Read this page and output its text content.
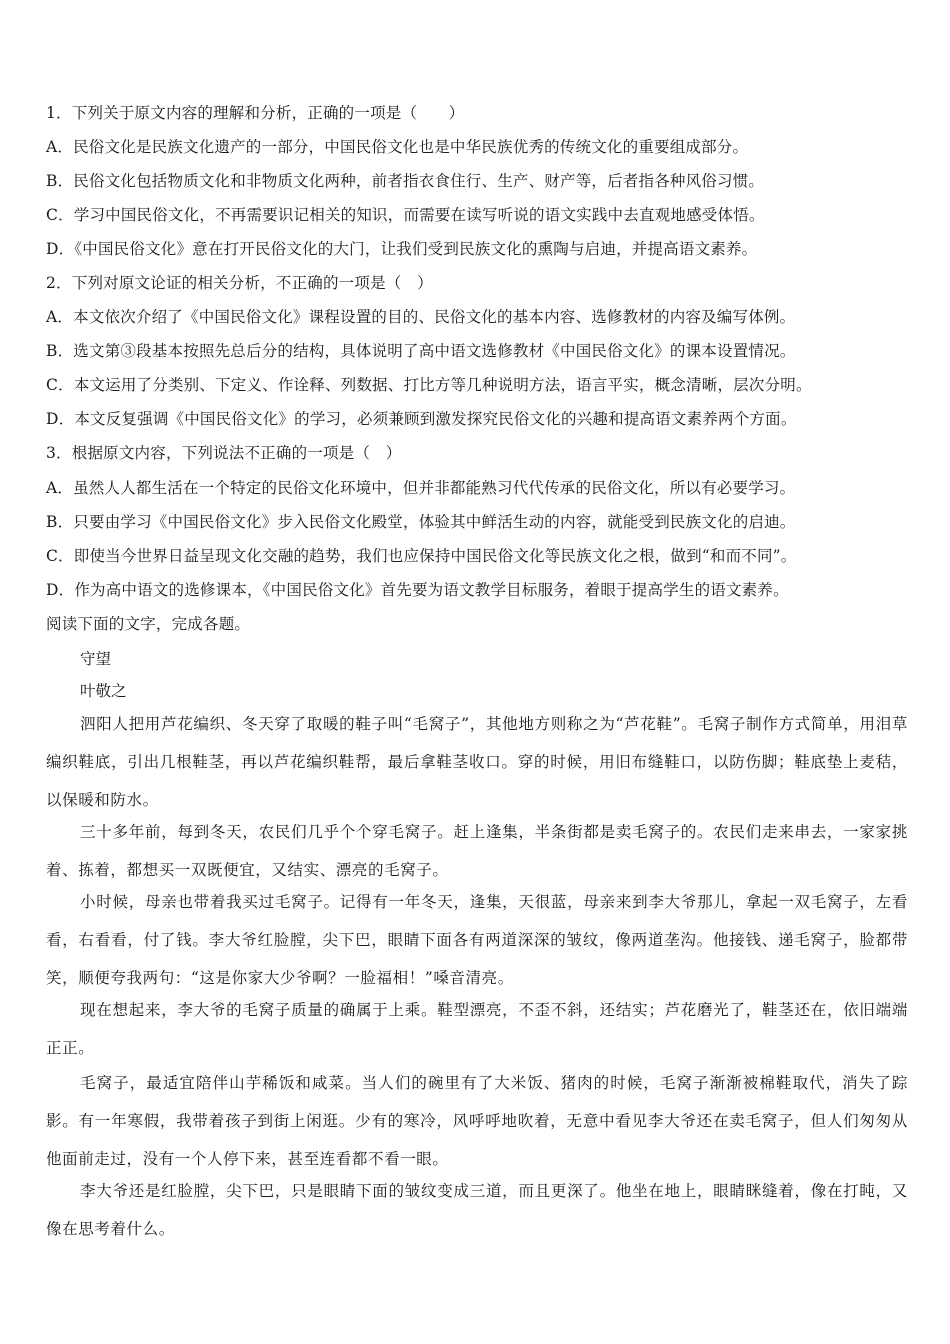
1．下列关于原文内容的理解和分析，正确的一项是（　　）
A．民俗文化是民族文化遗产的一部分，中国民俗文化也是中华民族优秀的传统文化的重要组成部分。
B．民俗文化包括物质文化和非物质文化两种，前者指衣食住行、生产、财产等，后者指各种风俗习惯。
C．学习中国民俗文化，不再需要识记相关的知识，而需要在读写听说的语文实践中去直观地感受体悟。
D．《中国民俗文化》意在打开民俗文化的大门，让我们受到民族文化的熏陶与启迪，并提高语文素养。
2．下列对原文论证的相关分析，不正确的一项是（　）
A．本文依次介绍了《中国民俗文化》课程设置的目的、民俗文化的基本内容、选修教材的内容及编写体例。
B．选文第③段基本按照先总后分的结构，具体说明了高中语文选修教材《中国民俗文化》的课本设置情况。
C．本文运用了分类别、下定义、作诠释、列数据、打比方等几种说明方法，语言平实，概念清晰，层次分明。
D．本文反复强调《中国民俗文化》的学习，必须兼顾到激发探究民俗文化的兴趣和提高语文素养两个方面。
3．根据原文内容，下列说法不正确的一项是（　）
A．虽然人人都生活在一个特定的民俗文化环境中，但并非都能熟习代代传承的民俗文化，所以有必要学习。
B．只要由学习《中国民俗文化》步入民俗文化殿堂，体验其中鲜活生动的内容，就能受到民族文化的启迪。
C．即使当今世界日益呈现文化交融的趋势，我们也应保持中国民俗文化等民族文化之根，做到“和而不同”。
D．作为高中语文的选修课本，《中国民俗文化》首先要为语文教学目标服务，着眼于提高学生的语文素养。
阅读下面的文字，完成各题。
守望
叶敬之
泗阳人把用芦花编织、冬天穿了取暖的鞋子叫“毛窝子”，其他地方则称之为“芦花鞋”。毛窝子制作方式简单，用泪草编织鞋底，引出几根鞋茎，再以芦花编织鞋帮，最后拿鞋茎收口。穿的时候，用旧布缝鞋口，以防伤脚；鞋底垫上麦秸，以保暖和防水。
三十多年前，每到冬天，农民们几乎个个穿毛窝子。赶上逢集，半条街都是卖毛窝子的。农民们走来串去，一家家挑着、拣着，都想买一双既便宜，又结实、漂亮的毛窝子。
小时候，母亲也带着我买过毛窝子。记得有一年冬天，逢集，天很蓝，母亲来到李大爷那儿，拿起一双毛窝子，左看看，右看看，付了钱。李大爷红脸膛，尖下巴，眼睛下面各有两道深深的皱纹，像两道垄沟。他接钱、递毛窝子，脸都带笑，顺便夸我两句：“这是你家大少爷啊？一脸福相！”嗓音清亮。
现在想起来，李大爷的毛窝子质量的确属于上乘。鞋型漂亮，不歪不斜，还结实；芦花磨光了，鞋茎还在，依旧端端正正。
毛窝子，最适宜陪伴山芋稀饭和咸菜。当人们的碗里有了大米饭、猪肉的时候，毛窝子渐渐被棉鞋取代，消失了踪影。有一年寒假，我带着孩子到街上闲逛。少有的寒冷，风呼呼地吹着，无意中看见李大爷还在卖毛窝子，但人们匆匆从他面前走过，没有一个人停下来，甚至连看都不看一眼。
李大爷还是红脸膛，尖下巴，只是眼睛下面的皱纹变成三道，而且更深了。他坐在地上，眼睛眯缝着，像在打盹，又像在思考着什么。
